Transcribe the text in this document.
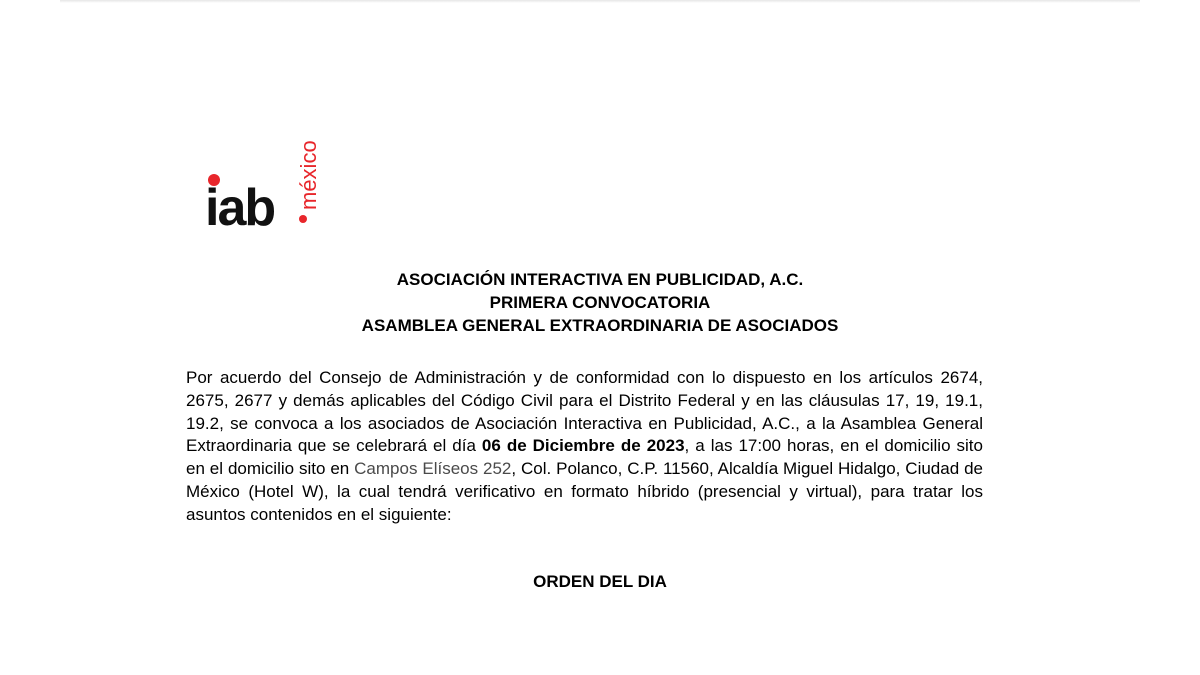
iab méxico
ASOCIACIÓN INTERACTIVA EN PUBLICIDAD, A.C.
PRIMERA CONVOCATORIA
ASAMBLEA GENERAL EXTRAORDINARIA DE ASOCIADOS
Por acuerdo del Consejo de Administración y de conformidad con lo dispuesto en los artículos 2674, 2675, 2677 y demás aplicables del Código Civil para el Distrito Federal y en las cláusulas 17, 19, 19.1, 19.2, se convoca a los asociados de Asociación Interactiva en Publicidad, A.C., a la Asamblea General Extraordinaria que se celebrará el día 06 de Diciembre de 2023, a las 17:00 horas, en el domicilio sito en el domicilio sito en Campos Elíseos 252, Col. Polanco, C.P. 11560, Alcaldía Miguel Hidalgo, Ciudad de México (Hotel W), la cual tendrá verificativo en formato híbrido (presencial y virtual), para tratar los asuntos contenidos en el siguiente:
ORDEN DEL DIA
